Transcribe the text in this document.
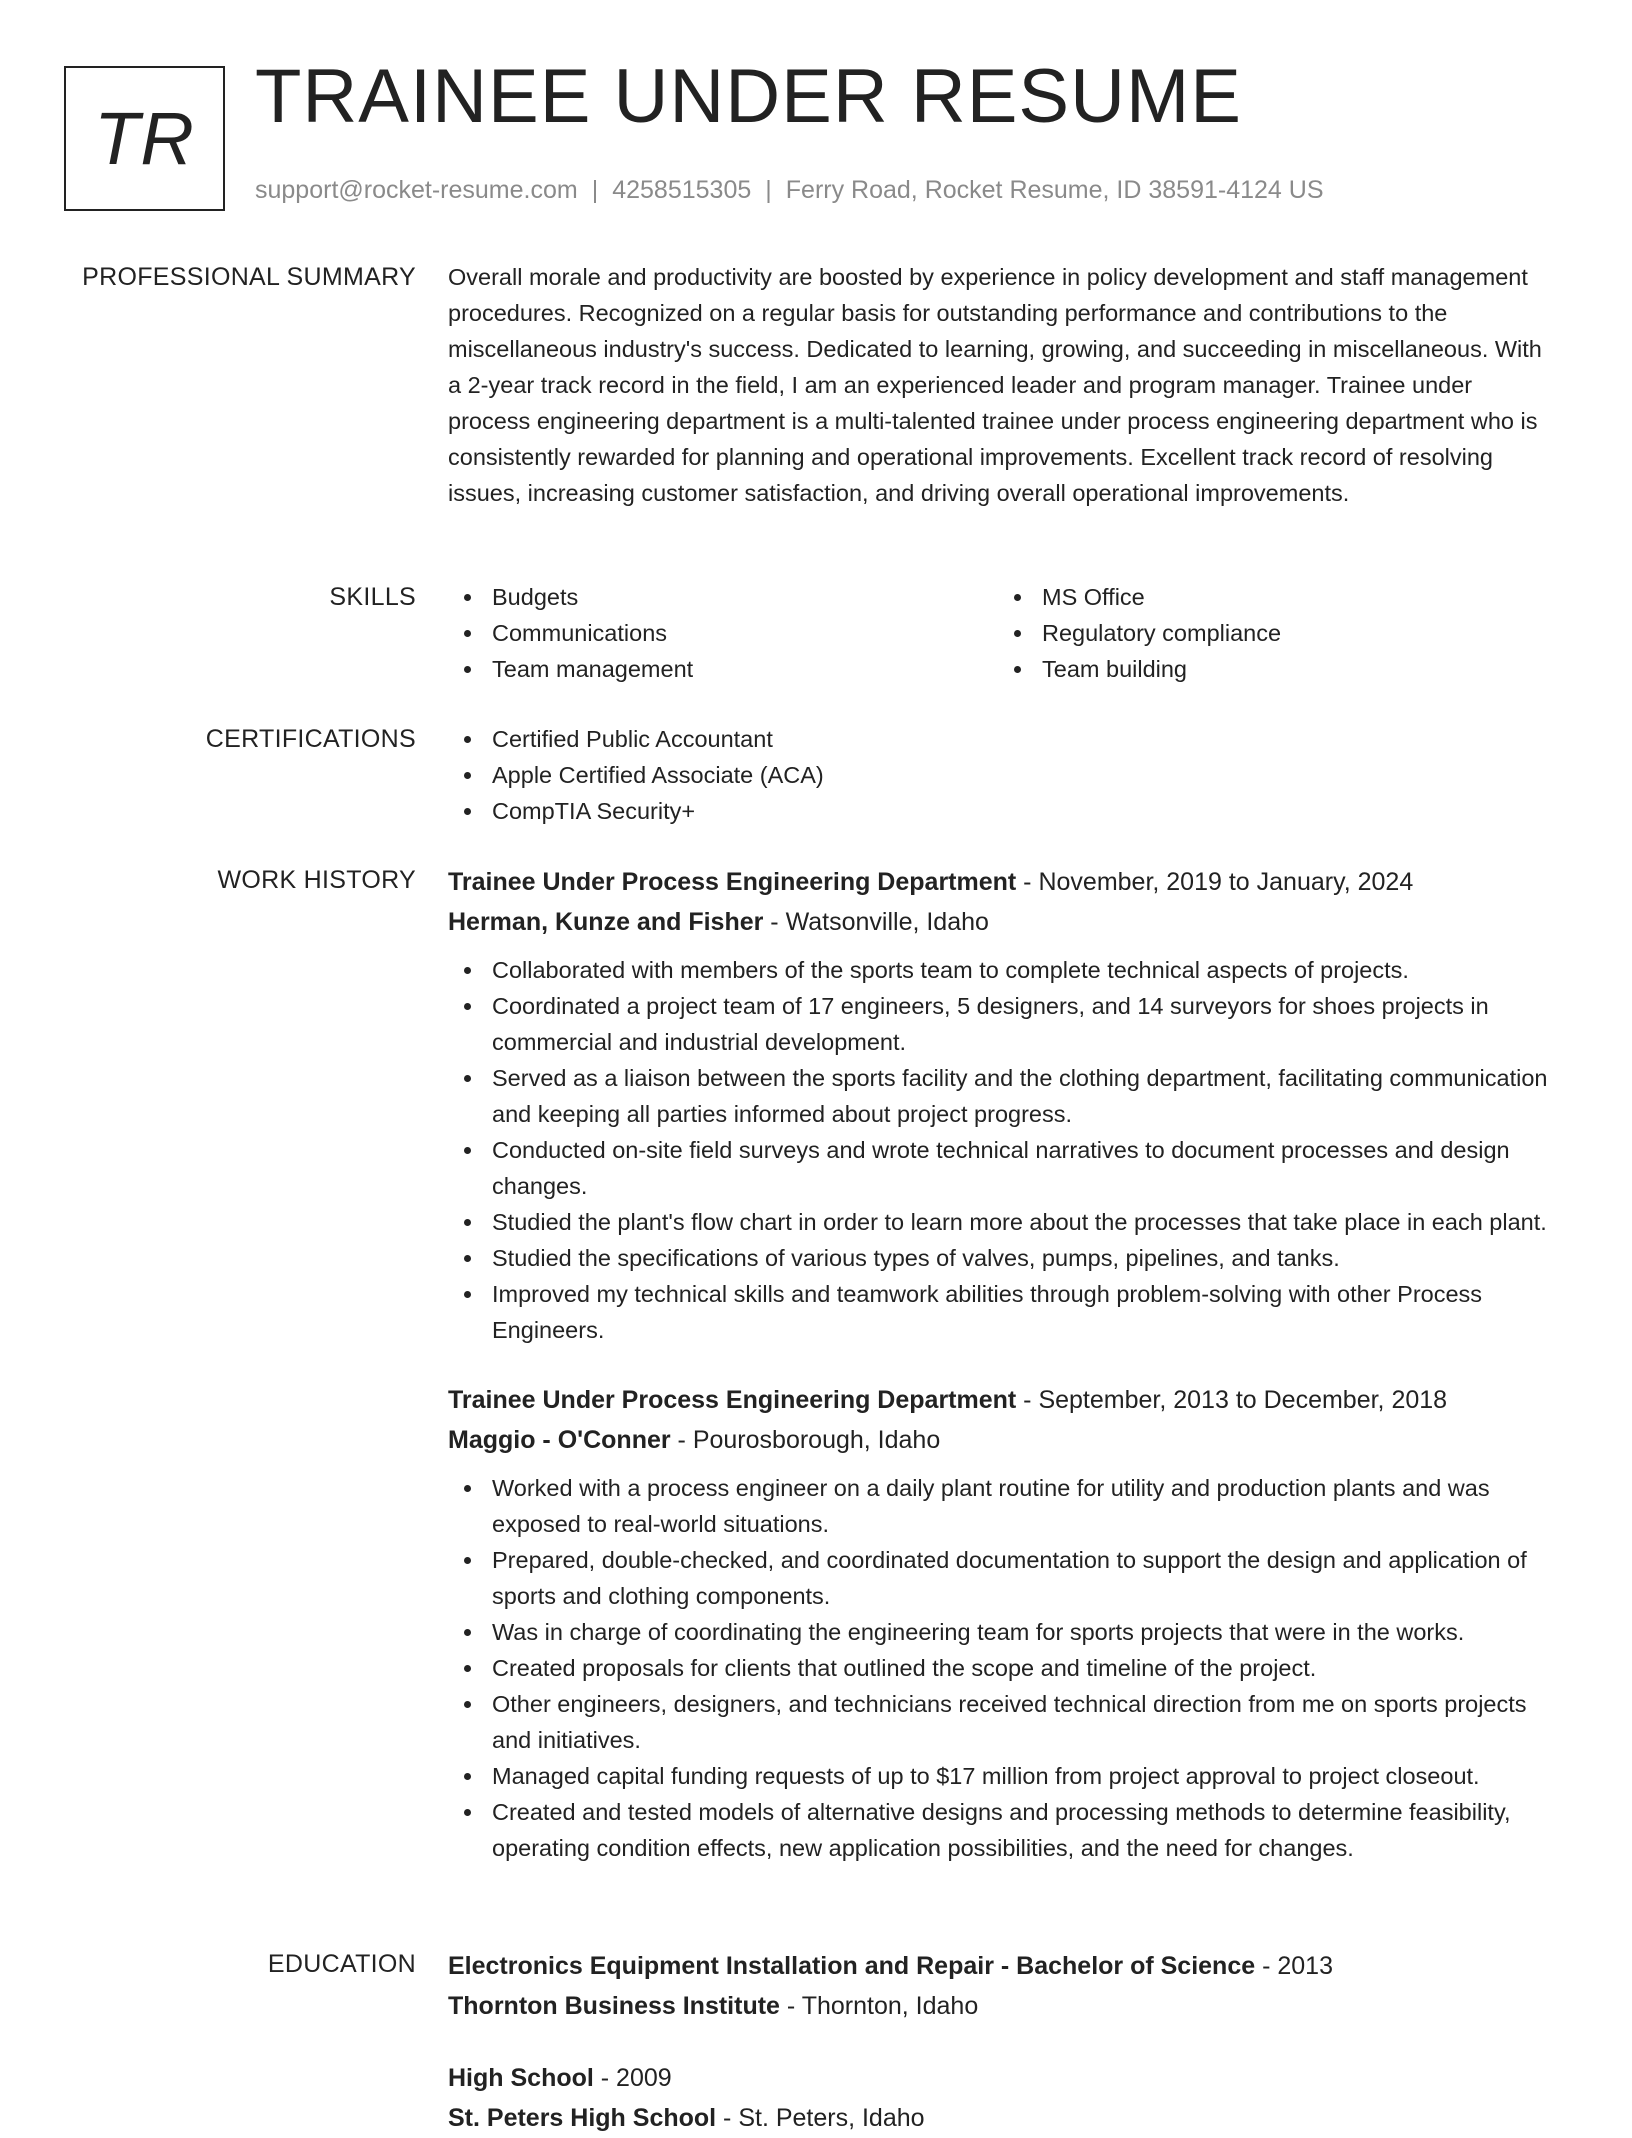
TR TRAINEE UNDER RESUME
support@rocket-resume.com | 4258515305 | Ferry Road, Rocket Resume, ID 38591-4124 US
PROFESSIONAL SUMMARY Overall morale and productivity are boosted by experience in policy development and staff management procedures. Recognized on a regular basis for outstanding performance and contributions to the miscellaneous industry's success. Dedicated to learning, growing, and succeeding in miscellaneous. With a 2-year track record in the field, I am an experienced leader and program manager. Trainee under process engineering department is a multi-talented trainee under process engineering department who is consistently rewarded for planning and operational improvements. Excellent track record of resolving issues, increasing customer satisfaction, and driving overall operational improvements.

SKILLS	Budgets
Communications
Team management
MS Office
Regulatory compliance
Team building
CERTIFICATIONS	Certified Public Accountant
Apple Certified Associate (ACA)
CompTIA Security+
WORK HISTORY Trainee Under Process Engineering Department - November, 2019 to January, 2024
Herman, Kunze and Fisher - Watsonville, Idaho
Collaborated with members of the sports team to complete technical aspects of projects.
Coordinated a project team of 17 engineers, 5 designers, and 14 surveyors for shoes projects in commercial and industrial development.
Served as a liaison between the sports facility and the clothing department, facilitating communication and keeping all parties informed about project progress.
Conducted on-site field surveys and wrote technical narratives to document processes and design changes.
Studied the plant's flow chart in order to learn more about the processes that take place in each plant.
Studied the specifications of various types of valves, pumps, pipelines, and tanks.
Improved my technical skills and teamwork abilities through problem-solving with other Process Engineers.
Trainee Under Process Engineering Department - September, 2013 to December, 2018
Maggio - O'Conner - Pourosborough, Idaho
Worked with a process engineer on a daily plant routine for utility and production plants and was exposed to real-world situations.
Prepared, double-checked, and coordinated documentation to support the design and application of sports and clothing components.
Was in charge of coordinating the engineering team for sports projects that were in the works.
Created proposals for clients that outlined the scope and timeline of the project.
Other engineers, designers, and technicians received technical direction from me on sports projects and initiatives.
Managed capital funding requests of up to $17 million from project approval to project closeout.
Created and tested models of alternative designs and processing methods to determine feasibility, operating condition effects, new application possibilities, and the need for changes.
EDUCATION Electronics Equipment Installation and Repair - Bachelor of Science - 2013
Thornton Business Institute - Thornton, Idaho
High School - 2009
St. Peters High School - St. Peters, Idaho
